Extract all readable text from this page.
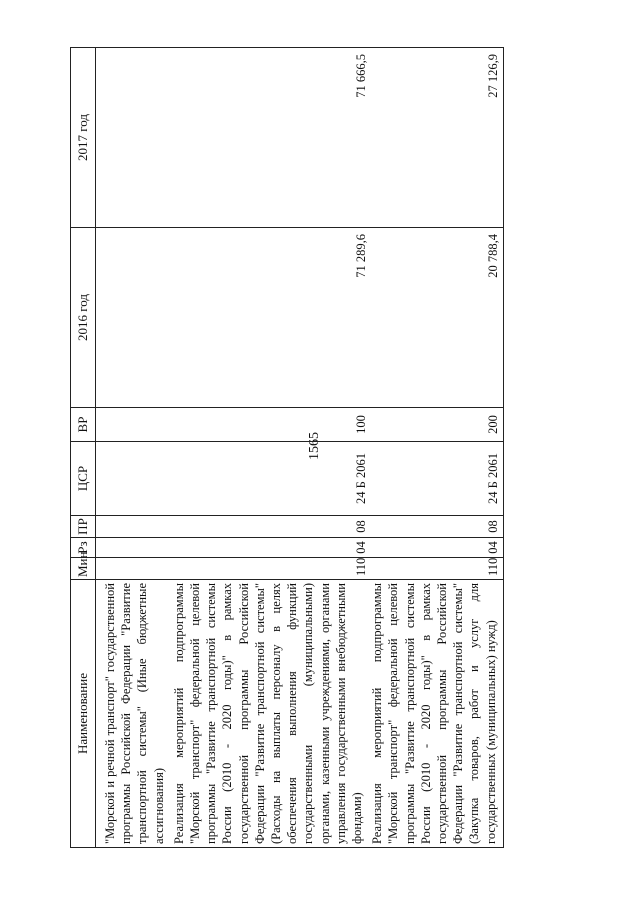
1565
Наименование	Мин	Рз	ПР	ЦСР	ВР	2016 год	2017 год

"Морской и речной транспорт" государственной программы Российской Федерации "Развитие транспортной системы" (Иные бюджетные ассигнования)							

Реализация мероприятий подпрограммы "Морской транспорт" федеральной целевой программы "Развитие транспортной системы России (2010 - 2020 годы)" в рамках государственной программы Российской Федерации "Развитие транспортной системы" (Расходы на выплаты персоналу в целях обеспечения выполнения функций государственными (муниципальными) органами, казенными учреждениями, органами управления государственными внебюджетными фондами)	110	04	08	24 Б 2061	100	71 289,6	71 666,5

Реализация мероприятий подпрограммы "Морской транспорт" федеральной целевой программы "Развитие транспортной системы России (2010 - 2020 годы)" в рамках государственной программы Российской Федерации "Развитие транспортной системы" (Закупка товаров, работ и услуг для государственных (муниципальных) нужд)	110	04	08	24 Б 2061	200	20 788,4	27 126,9
